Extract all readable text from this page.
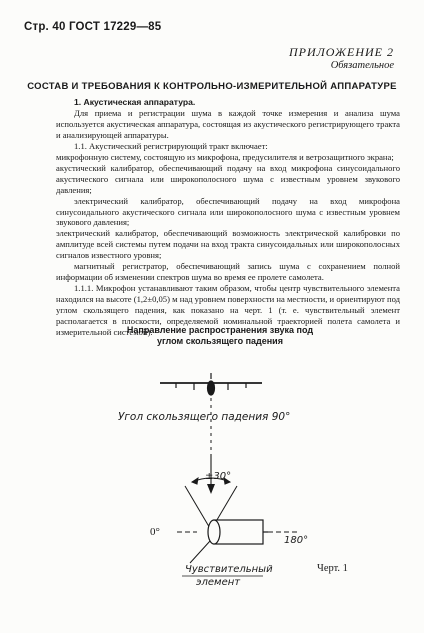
Стр. 40 ГОСТ 17229—85
ПРИЛОЖЕНИЕ 2
Обязательное
СОСТАВ И ТРЕБОВАНИЯ К КОНТРОЛЬНО-ИЗМЕРИТЕЛЬНОЙ АППАРАТУРЕ

1. Акустическая аппаратура.

Для приема и регистрации шума в каждой точке измерения и анализа шума используется акустическая аппаратура, состоящая из акустического регистрирующего тракта и анализирующей аппаратуры.

1.1. Акустический регистрирующий тракт включает:

микрофонную систему, состоящую из микрофона, предусилителя и ветрозащитного экрана;

акустический калибратор, обеспечивающий подачу на вход микрофона синусоидального акустического сигнала или широкополосного шума с известным уровнем звукового давления;

электрический калибратор, обеспечивающий подачу на вход микрофона синусоидального акустического сигнала или широкополосного шума с известным уровнем звукового давления;

электрический калибратор, обеспечивающий возможность электрической калибровки по амплитуде всей системы путем подачи на вход тракта синусоидальных или широкополосных сигналов известного уровня;

магнитный регистратор, обеспечивающий запись шума с сохранением полной информации об изменении спектров шума во время ее пролете самолета.

1.1.1. Микрофон устанавливают таким образом, чтобы центр чувствительного элемента находился на высоте (1,2±0,05) м над уровнем поверхности на местности, и ориентируют под углом скользящего падения, как показано на черт. 1 (т. е. чувствительный элемент располагается в плоскости, определяемой номинальной траекторией полета самолета и измерительной системой).

Направление распространения звука под углом скользящего падения
Угол скользящего падения 90°
±30°
0°
180°
Чувствительный
элемент
Черт. 1
